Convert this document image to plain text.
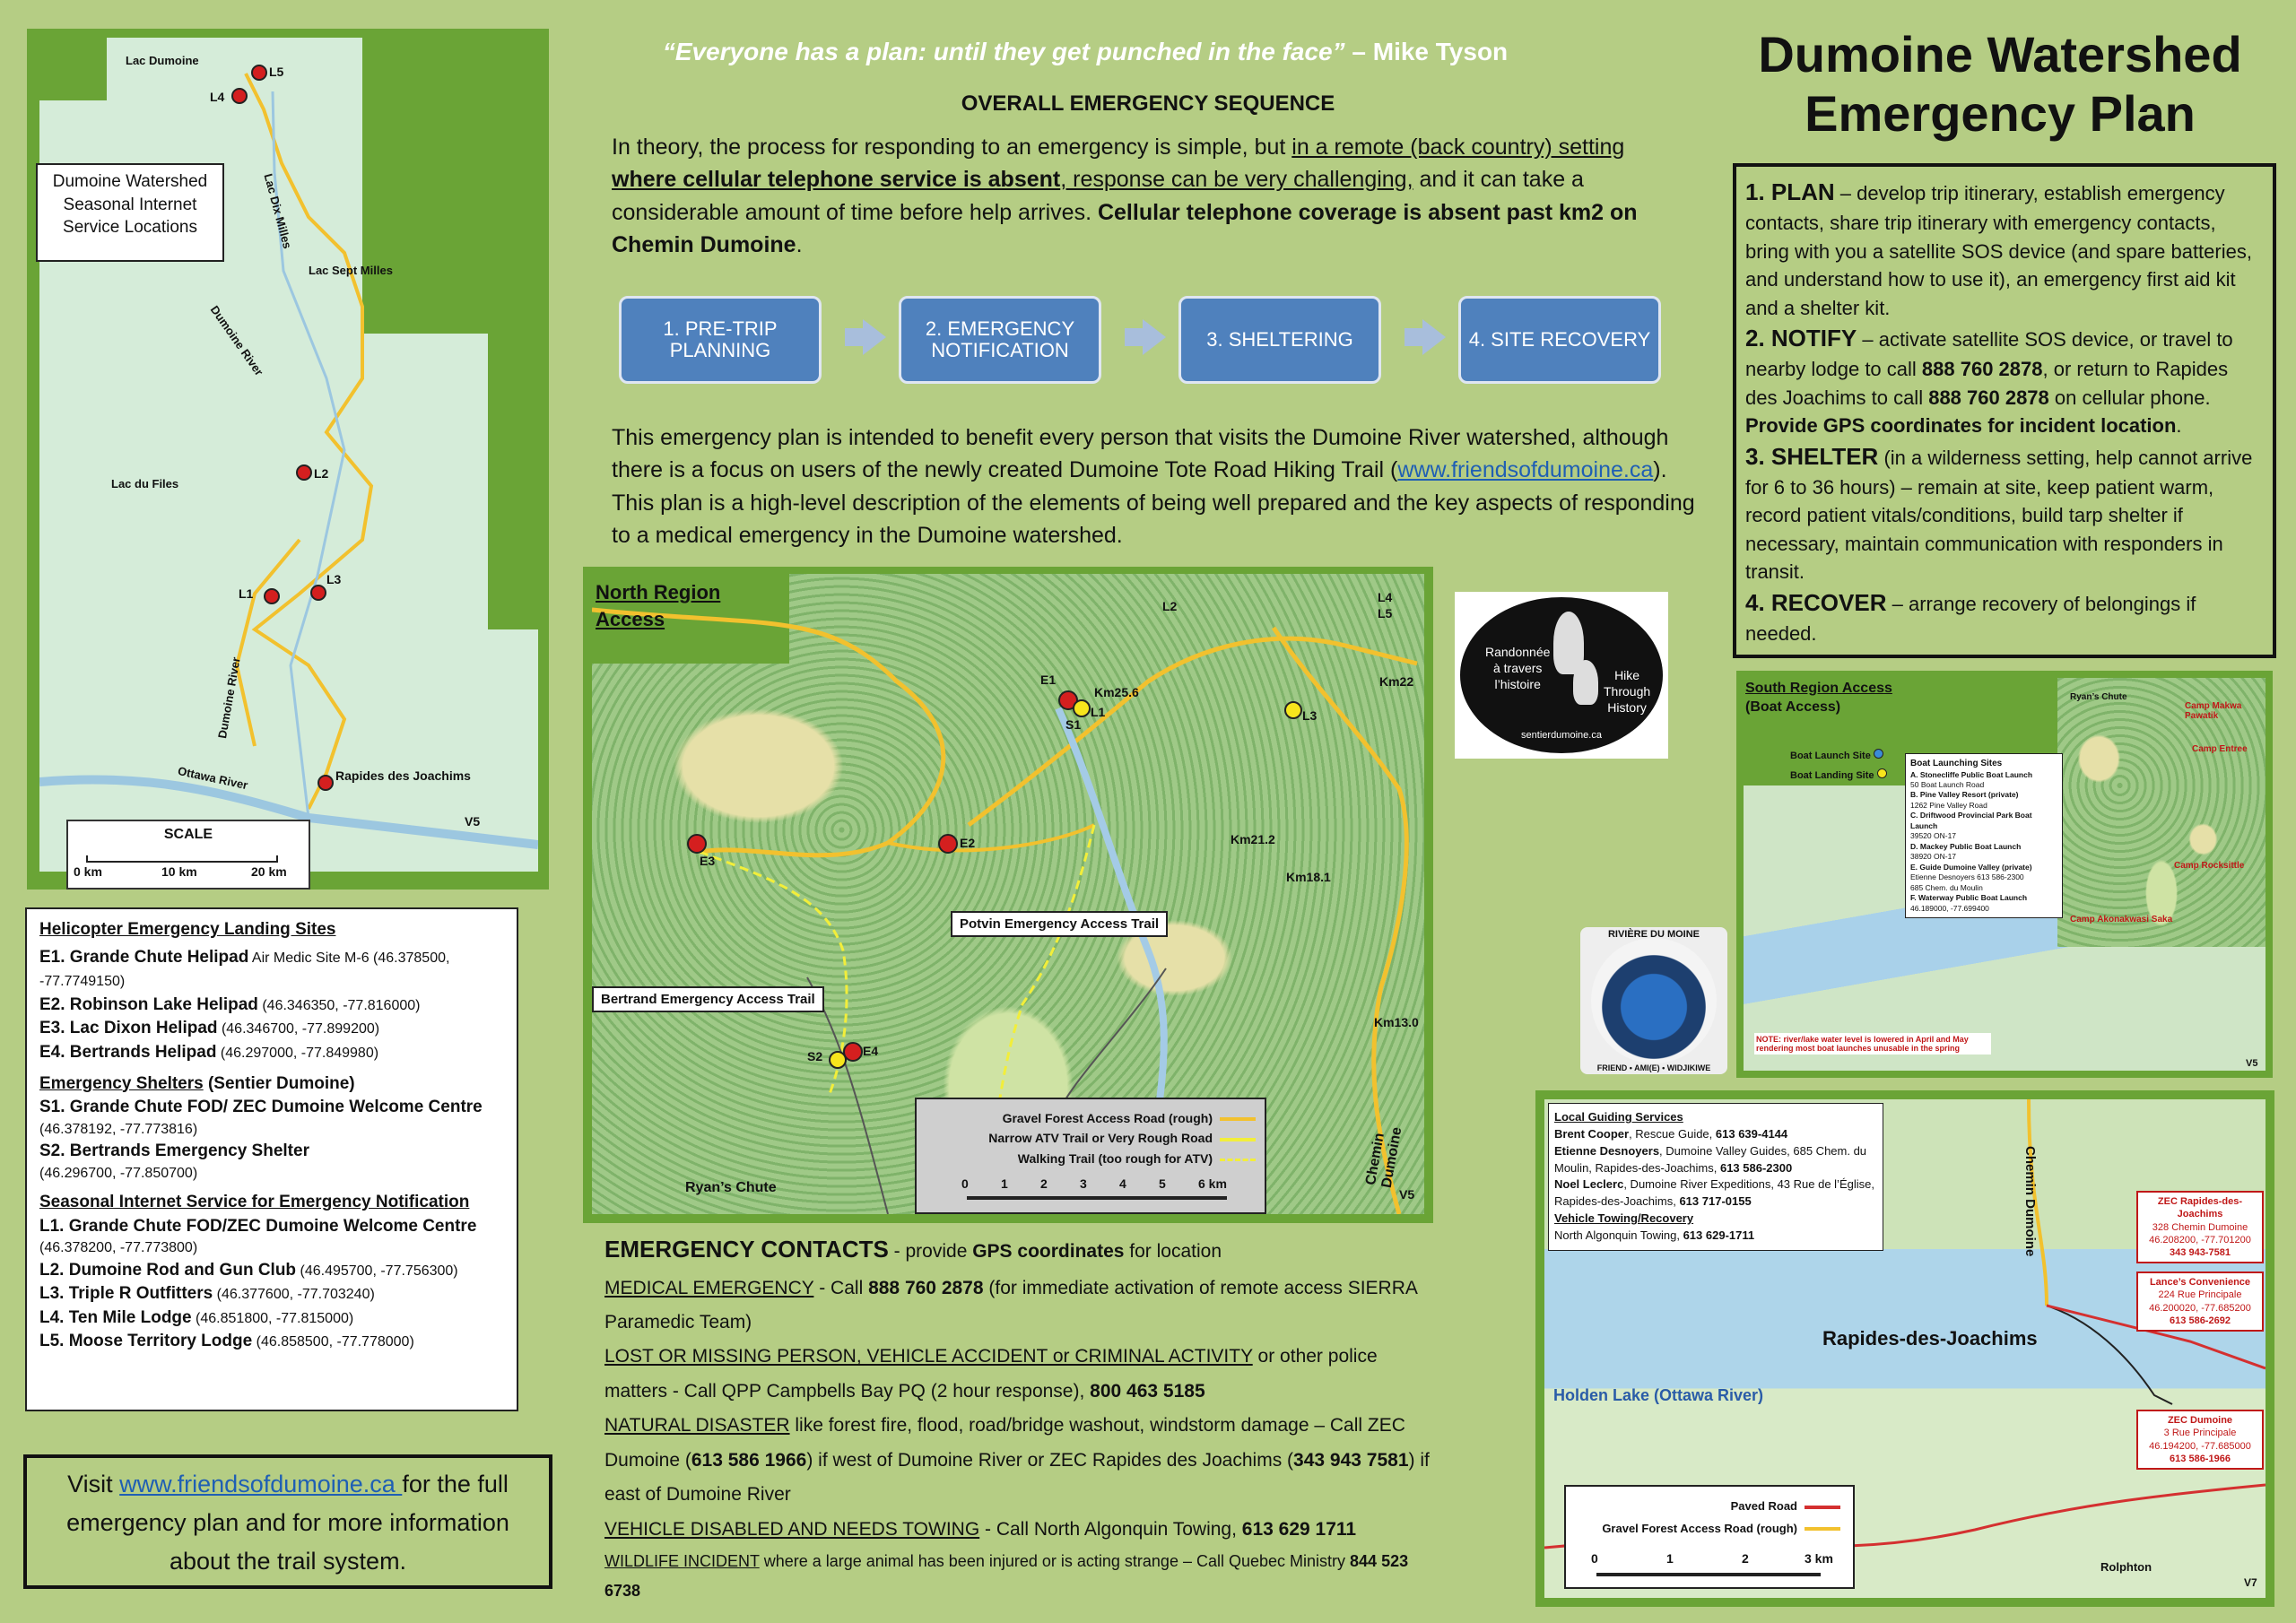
L5
L4
L2
L3
L1
Lac Dumoine
Lac Dix Milles
Lac Sept Milles
Dumoine River
Lac du Files
Dumoine River
Ottawa River	Rapides des Joachims
V5
Dumoine Watershed
Seasonal Internet
Service Locations
SCALE
0 km	10 km	20 km
Helicopter Emergency Landing Sites
E1. Grande Chute Helipad Air Medic Site M-6 (46.378500, -77.7749150)
E2. Robinson Lake Helipad (46.346350, -77.816000)
E3. Lac Dixon Helipad (46.346700, -77.899200)
E4. Bertrands Helipad (46.297000, -77.849980)
Emergency Shelters (Sentier Dumoine)
S1. Grande Chute FOD/ ZEC Dumoine Welcome Centre
(46.378192, -77.773816)
S2. Bertrands Emergency Shelter
(46.296700, -77.850700)
Seasonal Internet Service for Emergency Notification
L1. Grande Chute FOD/ZEC Dumoine Welcome Centre
(46.378200, -77.773800)
L2. Dumoine Rod and Gun Club (46.495700, -77.756300)
L3. Triple R Outfitters (46.377600, -77.703240)
L4. Ten Mile Lodge (46.851800, -77.815000)
L5. Moose Territory Lodge (46.858500, -77.778000)
Visit www.friendsofdumoine.ca for the full emergency plan and for more information about the trail system.
“Everyone has a plan: until they get punched in the face” – Mike Tyson	Dumoine Watershed
Emergency Plan
OVERALL EMERGENCY SEQUENCE
In theory, the process for responding to an emergency is simple, but in a remote (back country) setting where cellular telephone service is absent, response can be very challenging, and it can take a considerable amount of time before help arrives. Cellular telephone coverage is absent past km2 on Chemin Dumoine.
1. PRE-TRIP PLANNING
2. EMERGENCY NOTIFICATION	3. SHELTERING	4. SITE RECOVERY
This emergency plan is intended to benefit every person that visits the Dumoine River watershed, although there is a focus on users of the newly created Dumoine Tote Road Hiking Trail (www.friendsofdumoine.ca). This plan is a high-level description of the elements of being well prepared and the key aspects of responding to a medical emergency in the Dumoine watershed.
1. PLAN – develop trip itinerary, establish emergency contacts, share trip itinerary with emergency contacts, bring with you a satellite SOS device (and spare batteries, and understand how to use it), an emergency first aid kit and a shelter kit.
2. NOTIFY – activate satellite SOS device, or travel to nearby lodge to call 888 760 2878, or return to Rapides des Joachims to call 888 760 2878 on cellular phone. Provide GPS coordinates for incident location.
3. SHELTER (in a wilderness setting, help cannot arrive for 6 to 36 hours) – remain at site, keep patient warm, record patient vitals/conditions, build tarp shelter if necessary, maintain communication with responders in transit.
4. RECOVER – arrange recovery of belongings if needed.
North Region
Access
E1
L1
S1
Km25.6
L3
Km22
E3
E2	Km21.2
Km18.1
E4
S2
Km13.0
L2
L4
L5
Chemin Dumoine
Ryan’s Chute	V5
Potvin Emergency Access Trail
Bertrand Emergency Access Trail
Gravel Forest Access Road (rough)
Narrow ATV Trail or Very Rough Road
Walking Trail (too rough for ATV)
0	1	2	3	4	5	6 km
Randonnée
à travers
l’histoire
Hike
Through
History
sentierdumoine.ca
RIVIÈRE DU MOINE
FRIEND • AMI(E) • WIDJIKIWE
South Region Access
(Boat Access)
Boat Launch Site
Boat Landing Site
Boat Launching Sites
A. Stonecliffe Public Boat Launch
50 Boat Launch Road
B. Pine Valley Resort (private)
1262 Pine Valley Road
C. Driftwood Provincial Park Boat Launch
39520 ON-17
D. Mackey Public Boat Launch
38920 ON-17
E. Guide Dumoine Valley (private)
Etienne Desnoyers 613 586-2300
685 Chem. du Moulin
F. Waterway Public Boat Launch
46.189000, -77.699400
Ryan’s Chute
Camp Makwa Pawatik
Camp Entree
Camp Rocksittle
Camp Akonakwasi Saka
NOTE: river/lake water level is lowered in April and May rendering most boat launches unusable in the spring
V5
EMERGENCY CONTACTS - provide GPS coordinates for location
MEDICAL EMERGENCY - Call 888 760 2878 (for immediate activation of remote access SIERRA Paramedic Team)
LOST OR MISSING PERSON, VEHICLE ACCIDENT or CRIMINAL ACTIVITY or other police matters - Call QPP Campbells Bay PQ (2 hour response), 800 463 5185
NATURAL DISASTER like forest fire, flood, road/bridge washout, windstorm damage – Call ZEC Dumoine (613 586 1966) if west of Dumoine River or ZEC Rapides des Joachims (343 943 7581) if east of Dumoine River
VEHICLE DISABLED AND NEEDS TOWING - Call North Algonquin Towing, 613 629 1711
WILDLIFE INCIDENT where a large animal has been injured or is acting strange – Call Quebec Ministry 844 523 6738
Local Guiding Services
Brent Cooper, Rescue Guide, 613 639-4144
Etienne Desnoyers, Dumoine Valley Guides, 685 Chem. du Moulin, Rapides-des-Joachims, 613 586-2300
Noel Leclerc, Dumoine River Expeditions, 43 Rue de l’Église, Rapides-des-Joachims, 613 717-0155
Vehicle Towing/Recovery
North Algonquin Towing, 613 629-1711
Rapides-des-Joachims
Holden Lake (Ottawa River)
Chemin Dumoine
Rolphton
ZEC Rapides-des-Joachims
328 Chemin Dumoine
46.208200, -77.701200
343 943-7581
Lance’s Convenience
224 Rue Principale
46.200020, -77.685200
613 586-2692
ZEC Dumoine
3 Rue Principale
46.194200, -77.685000
613 586-1966
Paved Road
Gravel Forest Access Road (rough)
0	1	2	3 km
V7
